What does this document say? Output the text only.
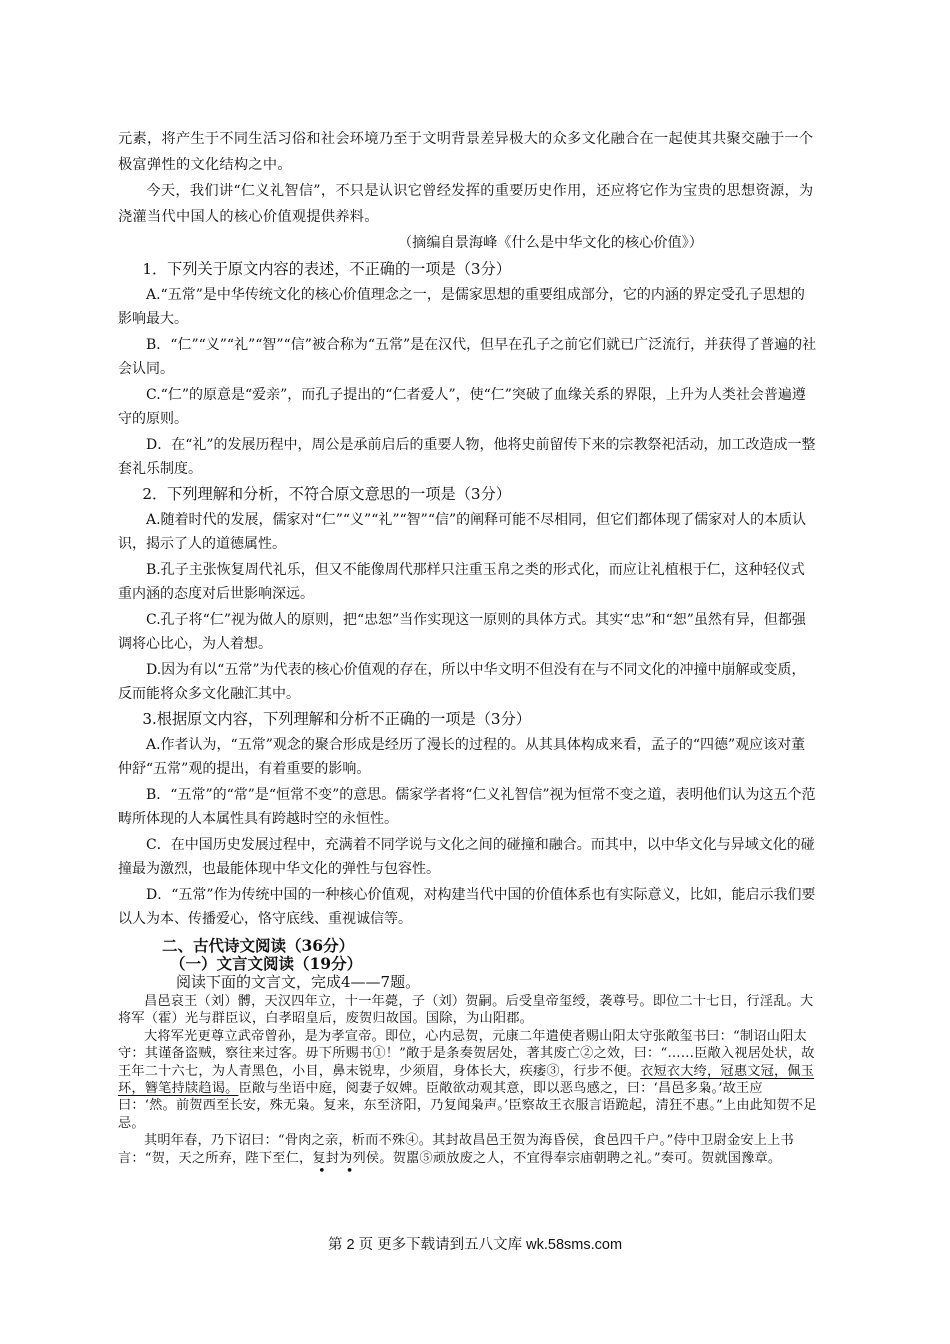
元素，将产生于不同生活习俗和社会环境乃至于文明背景差异极大的众多文化融合在一起使其共聚交融于一个极富弹性的文化结构之中。

今天，我们讲“仁义礼智信”，不只是认识它曾经发挥的重要历史作用，还应将它作为宝贵的思想资源，为浇灌当代中国人的核心价值观提供养料。

（摘编自景海峰《什么是中华文化的核心价值》）

1．下列关于原文内容的表述，不正确的一项是（3分）

A.“五常”是中华传统文化的核心价值理念之一，是儒家思想的重要组成部分，它的内涵的界定受孔子思想的影响最大。

B．“仁”“义”“礼”“智”“信”被合称为“五常”是在汉代，但早在孔子之前它们就已广泛流行，并获得了普遍的社会认同。

C.“仁”的原意是“爱亲”，而孔子提出的“仁者爱人”，使“仁”突破了血缘关系的界限，上升为人类社会普遍遵守的原则。

D．在“礼”的发展历程中，周公是承前启后的重要人物，他将史前留传下来的宗教祭祀活动，加工改造成一整套礼乐制度。

2．下列理解和分析，不符合原文意思的一项是（3分）

A.随着时代的发展，儒家对“仁”“义”“礼”“智”“信”的阐释可能不尽相同，但它们都体现了儒家对人的本质认识，揭示了人的道德属性。

B.孔子主张恢复周代礼乐，但又不能像周代那样只注重玉帛之类的形式化，而应让礼植根于仁，这种轻仪式重内涵的态度对后世影响深远。

C.孔子将“仁”视为做人的原则，把“忠恕”当作实现这一原则的具体方式。其实“忠”和“恕”虽然有异，但都强调将心比心，为人着想。

D.因为有以“五常”为代表的核心价值观的存在，所以中华文明不但没有在与不同文化的冲撞中崩解或变质，反而能将众多文化融汇其中。

3.根据原文内容，下列理解和分析不正确的一项是（3分）

A.作者认为，“五常”观念的聚合形成是经历了漫长的过程的。从其具体构成来看，孟子的“四德”观应该对董仲舒“五常”观的提出，有着重要的影响。

B．“五常”的“常”是“恒常不变”的意思。儒家学者将“仁义礼智信”视为恒常不变之道，表明他们认为这五个范畴所体现的人本属性具有跨越时空的永恒性。

C．在中国历史发展过程中，充满着不同学说与文化之间的碰撞和融合。而其中，以中华文化与异域文化的碰撞最为激烈，也最能体现中华文化的弹性与包容性。

D．“五常”作为传统中国的一种核心价值观，对构建当代中国的价值体系也有实际意义，比如，能启示我们要以人为本、传播爱心，恪守底线、重视诚信等。

二、古代诗文阅读（36分）

（一）文言文阅读（19分）

阅读下面的文言文，完成4——7题。

昌邑哀王（刘）髆，天汉四年立，十一年薨，子（刘）贺嗣。后受皇帝玺绶，袭尊号。即位二十七日，行淫乱。大将军（霍）光与群臣议，白孝昭皇后，废贺归故国。国除，为山阳郡。

大将军光更尊立武帝曾孙，是为孝宣帝。即位，心内忌贺，元康二年遣使者赐山阳太守张敞玺书曰：“制诏山阳太守：其谨备盗贼，察往来过客。毋下所赐书①！”敞于是条奏贺居处，著其废亡②之效，曰：“……臣敞入视居处状，故王年二十六七，为人青黑色，小目，鼻末锐卑，少须眉，身体长大，疾痿③，行步不便。衣短衣大绔，冠惠文冠，佩玉环，簪笔持牍趋谒。臣敞与坐语中庭，阅妻子奴婢。臣敞欲动观其意，即以恶鸟感之，曰：‘昌邑多枭。’故王应曰：‘然。前贺西至长安，殊无枭。复来，东至济阳，乃复闻枭声。’臣察故王衣服言语跪起，清狂不惠。”上由此知贺不足忌。

其明年春，乃下诏曰：“骨肉之亲，析而不殊④。其封故昌邑王贺为海昏侯，食邑四千户。”侍中卫尉金安上上书言：“贺，天之所弃，陛下至仁，复封为列侯。贺嚚⑤顽放废之人，不宜得奉宗庙朝聘之礼。”奏可。贺就国豫章。

• •

第 2 页 更多下载请到五八文库 wk.58sms.com
